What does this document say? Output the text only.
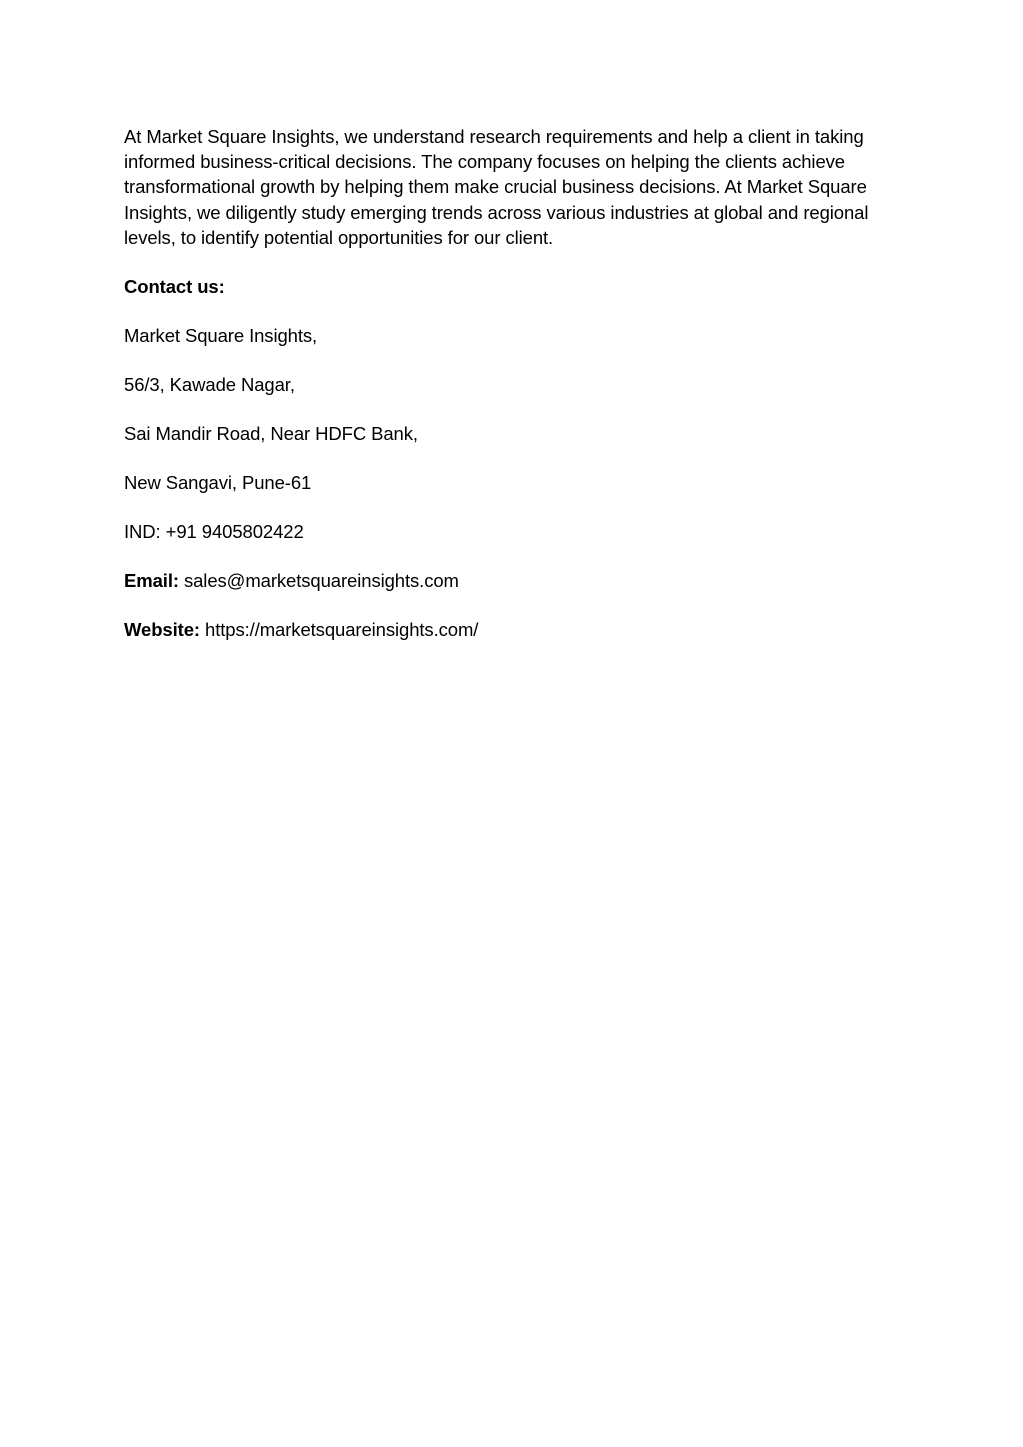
At Market Square Insights, we understand research requirements and help a client in taking informed business-critical decisions. The company focuses on helping the clients achieve transformational growth by helping them make crucial business decisions. At Market Square Insights, we diligently study emerging trends across various industries at global and regional levels, to identify potential opportunities for our client.

Contact us:

Market Square Insights,

56/3, Kawade Nagar,

Sai Mandir Road, Near HDFC Bank,

New Sangavi, Pune-61

IND: +91 9405802422

Email: sales@marketsquareinsights.com

Website: https://marketsquareinsights.com/
